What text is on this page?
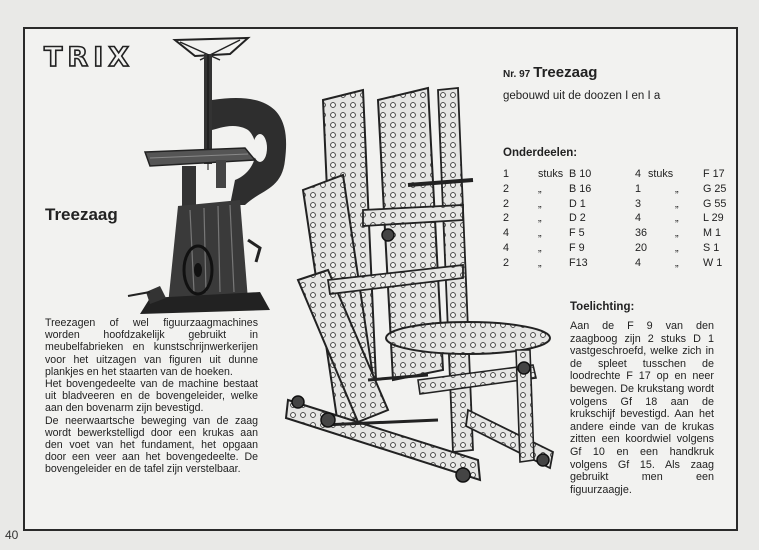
TRIX
Treezaag

Treezagen of wel figuurzaagmachines worden hoofdzakelijk gebruikt in meubelfabrieken en kunstschrijnwerkerijen voor het uitzagen van figuren uit dunne plankjes en het staarten van de hoeken.

Het bovengedeelte van de machine bestaat uit bladveeren en de bovengeleider, welke aan den bovenarm zijn bevestigd.

De neerwaartsche beweging van de zaag wordt bewerkstelligd door een krukas aan den voet van het fundament, het opgaan door een veer aan het bovengedeelte. De bovengeleider en de tafel zijn verstelbaar.

Nr. 97 Treezaag
gebouwd uit de doozen I en I a
Onderdeelen:
1	stuks B 10	4 stuks	F 17
2	„	B 16	1	„ G 25
2	„	D 1	3	„ G 55
2	„	D 2	4	„ L 29
4	„	F 5	36	„ M 1
4	„	F 9	20	„ S 1
2	„	F13	4	„ W 1
Toelichting:
Aan de F 9 van den zaagboog zijn 2 stuks D 1 vastgeschroefd, welke zich in de spleet tusschen de loodrechte F 17 op en neer bewegen. De krukstang wordt volgens Gf 18 aan de krukschijf bevestigd. Aan het andere einde van de krukas zitten een koordwiel volgens Gf 10 en een handkruk volgens Gf 15. Als zaag gebruikt men een figuurzaagje.
40
